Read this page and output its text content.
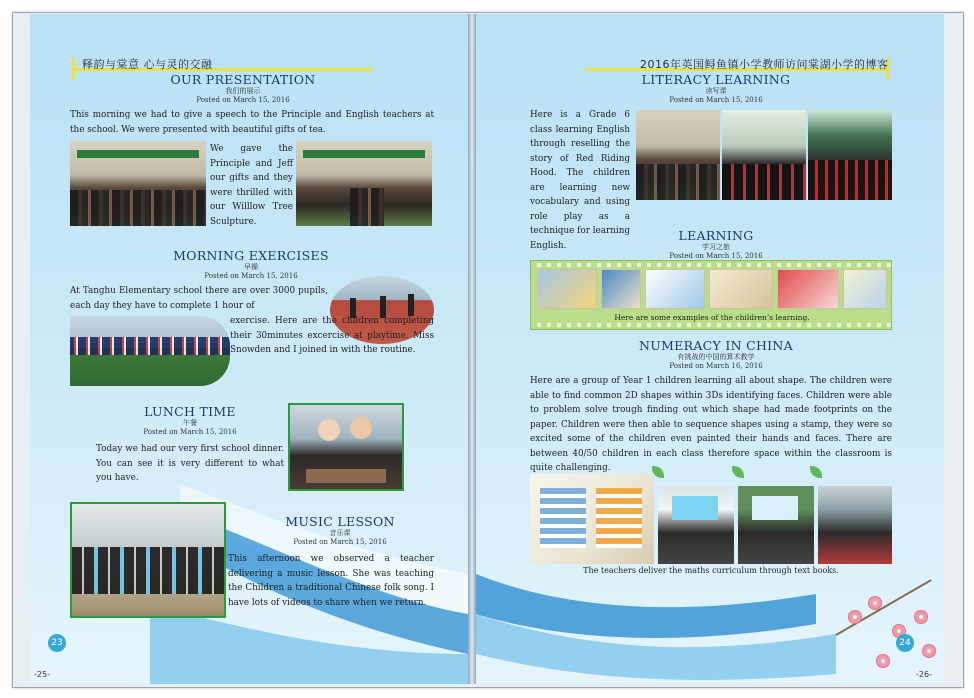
释韵与棠意 心与灵的交融
OUR PRESENTATION
我们的展示
Posted on March 15, 2016
This morning we had to give a speech to the Principle and English teachers at the school. We were presented with beautiful gifts of tea.
We gave the Principle and Jeff our gifts and they were thrilled with our Willlow Tree Sculpture.
MORNING EXERCISES
早操
Posted on March 15, 2016
At Tanghu Elementary school there are over 3000 pupils, each day they have to complete 1 hour of
exercise. Here are the children completing their 30minutes excercise at playtime. Miss Snowden and I joined in with the routine.
LUNCH TIME
午餐
Posted on March 15, 2016
Today we had our very first school dinner. You can see it is very different to what you have.
MUSIC LESSON
音乐课
Posted on March 15, 2016
This afternoon we observed a teacher delivering a music lesson. She was teaching the Children a traditional Chinese folk song. I have lots of videos to share when we return.
23
-25-
2016年英国鲟鱼镇小学教师访问棠湖小学的博客
LITERACY LEARNING
读写课
Posted on March 15, 2016
Here is a Grade 6 class learning English through reselling the story of Red Riding Hood. The children are learning new vocabulary and using role play as a technique for learning English.
LEARNING
学习之旅
Posted on March 15, 2016
Here are some examples of the children’s learning.
NUMERACY IN CHINA
有挑战的中国的算术教学
Posted on March 16, 2016
Here are a group of Year 1 children learning all about shape. The children were able to find common 2D shapes within 3Ds identifying faces. Children were able to problem solve trough finding out which shape had made footprints on the paper. Children were then able to sequence shapes using a stamp, they were so excited some of the children even painted their hands and faces. There are between 40/50 children in each class therefore space within the classroom is quite challenging.
The teachers deliver the maths curriculum through text books.
24
-26-
